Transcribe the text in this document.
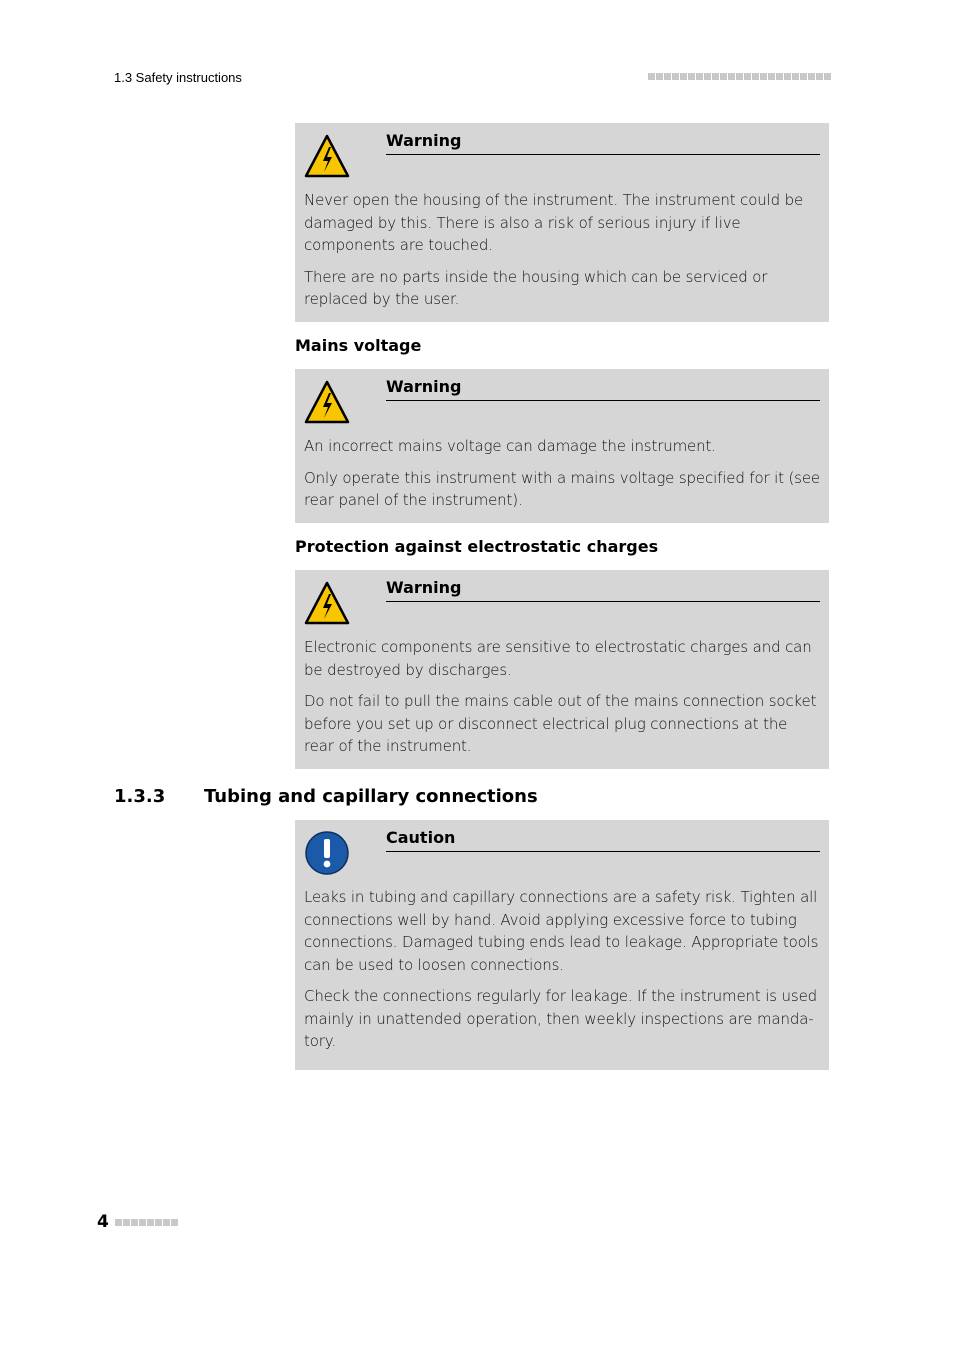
1.3 Safety instructions
Warning

Never open the housing of the instrument. The instrument could be damaged by this. There is also a risk of serious injury if live components are touched.

There are no parts inside the housing which can be serviced or replaced by the user.

Mains voltage
Warning

An incorrect mains voltage can damage the instrument.

Only operate this instrument with a mains voltage specified for it (see rear panel of the instrument).

Protection against electrostatic charges
Warning

Electronic components are sensitive to electrostatic charges and can be destroyed by discharges.

Do not fail to pull the mains cable out of the mains connection socket before you set up or disconnect electrical plug connections at the rear of the instrument.

1.3.3 Tubing and capillary connections
Caution

Leaks in tubing and capillary connections are a safety risk. Tighten all connections well by hand. Avoid applying excessive force to tubing connections. Damaged tubing ends lead to leakage. Appropriate tools can be used to loosen connections.

Check the connections regularly for leakage. If the instrument is used mainly in unattended operation, then weekly inspections are manda-tory.

4
